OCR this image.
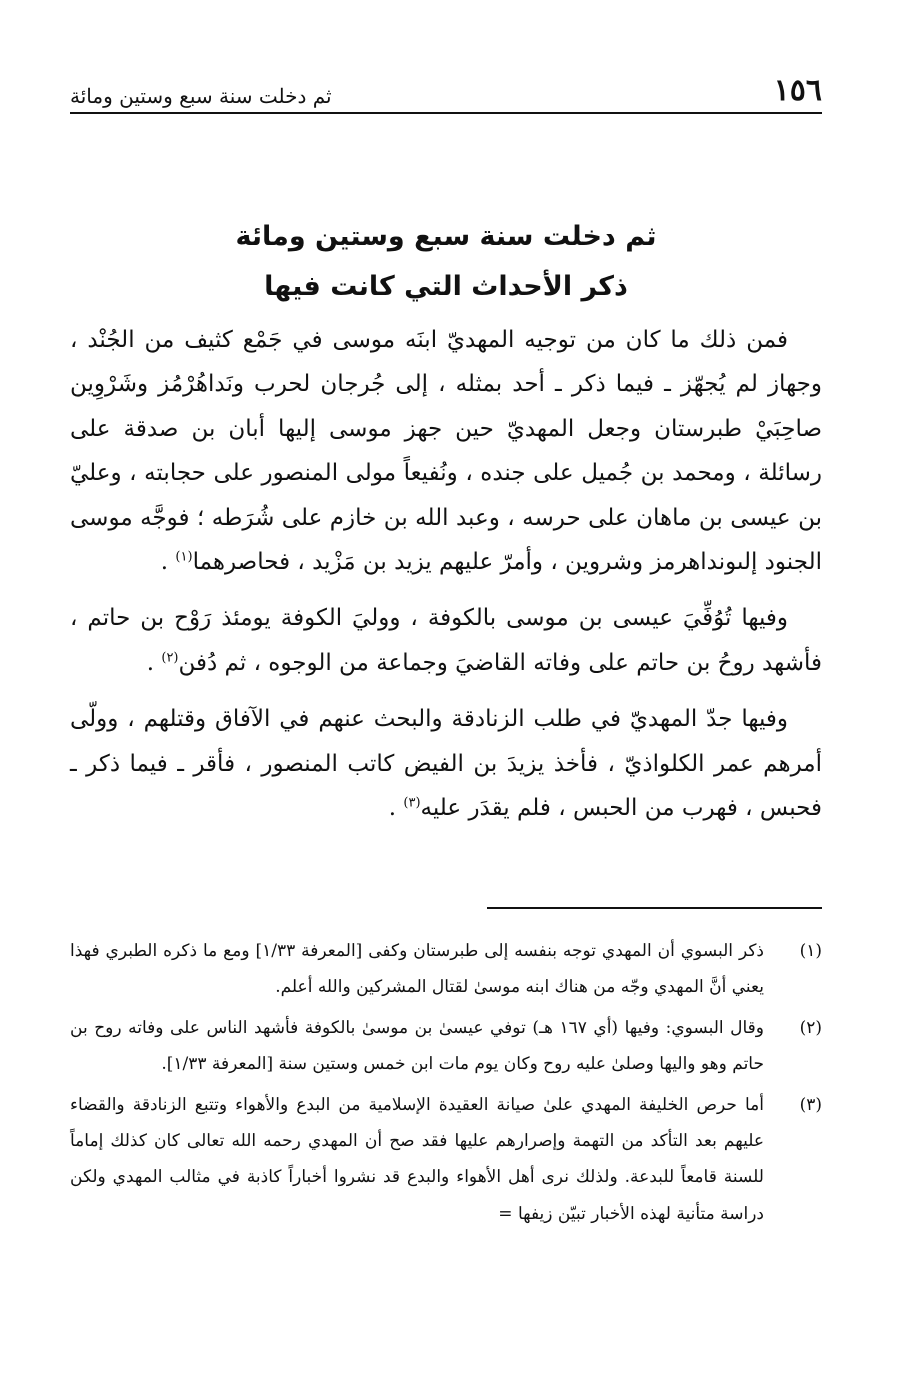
١٥٦
ثم دخلت سنة سبع وستين ومائة
ثم دخلت سنة سبع وستين ومائة
ذكر الأحداث التي كانت فيها

فمن ذلك ما كان من توجيه المهديّ ابنَه موسى في جَمْع كثيف من الجُنْد ، وجهاز لم يُجهّز ـ فيما ذكر ـ أحد بمثله ، إلى جُرجان لحرب ونَداهُرْمُز وشَرْوِين صاحِبَيْ طبرستان وجعل المهديّ حين جهز موسى إليها أبان بن صدقة على رسائلة ، ومحمد بن جُميل على جنده ، ونُفيعاً مولى المنصور على حجابته ، وعليّ بن عيسى بن ماهان على حرسه ، وعبد الله بن خازم على شُرَطه ؛ فوجَّه موسى الجنود إلىونداهرمز وشروين ، وأمرّ عليهم يزيد بن مَزْيد ، فحاصرهما$^{(١)}$ .

وفيها تُوُفِّيَ عيسى بن موسى بالكوفة ، ووليَ الكوفة يومئذ رَوْح بن حاتم ، فأشهد روحُ بن حاتم على وفاته القاضيَ وجماعة من الوجوه ، ثم دُفن$^{(٢)}$ .

وفيها جدّ المهديّ في طلب الزنادقة والبحث عنهم في الآفاق وقتلهم ، وولّى أمرهم عمر الكلواذيّ ، فأخذ يزيدَ بن الفيض كاتب المنصور ، فأقر ـ فيما ذكر ـ فحبس ، فهرب من الحبس ، فلم يقدَر عليه$^{(٣)}$ .

(١)
ذكر البسوي أن المهدي توجه بنفسه إلى طبرستان وكفى [المعرفة ١/٣٣] ومع ما ذكره الطبري فهذا يعني أنَّ المهدي وجّه من هناك ابنه موسىٰ لقتال المشركين والله أعلم.
(٢)
وقال البسوي: وفيها (أي ١٦٧ هـ) توفي عيسىٰ بن موسىٰ بالكوفة فأشهد الناس على وفاته روح بن حاتم وهو واليها وصلىٰ عليه روح وكان يوم مات ابن خمس وستين سنة [المعرفة ١/٣٣].
(٣)
أما حرص الخليفة المهدي علىٰ صيانة العقيدة الإسلامية من البدع والأهواء وتتبع الزنادقة والقضاء عليهم بعد التأكد من التهمة وإصرارهم عليها فقد صح أن المهدي رحمه الله تعالى كان كذلك إماماً للسنة قامعاً للبدعة. ولذلك نرى أهل الأهواء والبدع قد نشروا أخباراً كاذبة في مثالب المهدي ولكن دراسة متأنية لهذه الأخبار تبيّن زيفها =
